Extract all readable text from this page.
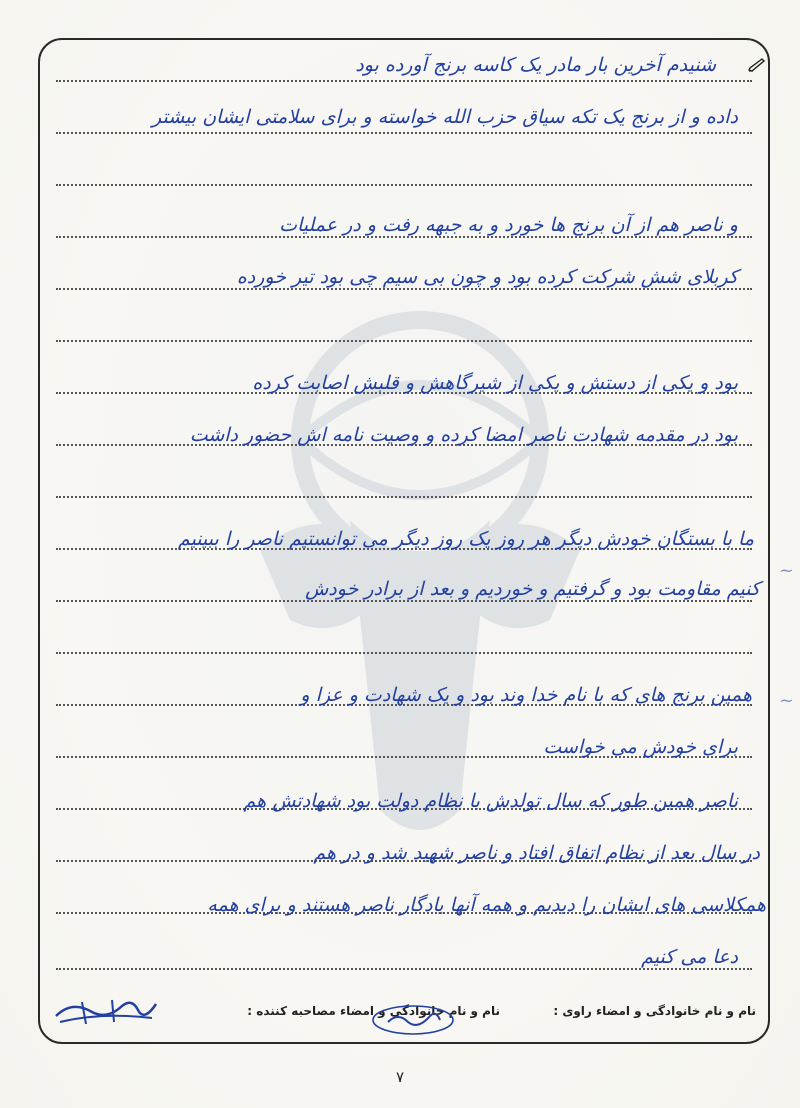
شنیدم آخرین بار مادر یک کاسه برنج آورده بود
داده و از برنج یک تکه سیاق حزب الله خواسته و برای سلامتی ایشان بیشتر
و ناصر هم از آن برنج ها خورد و به جبهه رفت و در عملیات
کربلای شش شرکت کرده بود و چون بی سیم چی بود تیر خورده
بود و یکی از دستش و یکی از شیرگاهش و قلبش اصابت کرده
بود در مقدمه شهادت ناصر امضا کرده و وصیت نامه اش حضور داشت
ما با بستگان خودش دیگر هر روز یک روز دیگر می توانستیم ناصر را ببینیم
کنیم مقاومت بود و گرفتیم و خوردیم و بعد از برادر خودش
همین برنج های که با نام خدا وند بود و یک شهادت و عزا و
برای خودش می خواست
ناصر همین طور که سال تولدش با نظام دولت بود شهادتش هم
در سال بعد از نظام اتفاق افتاد و ناصر شهید شد و در هم
همکلاسی های ایشان را دیدیم و همه آنها یادگار ناصر هستند و برای همه
دعا می کنیم
~
~
نام و نام خانوادگی و امضاء مصاحبه کننده :	نام و نام خانوادگی و امضاء راوی :
۷
